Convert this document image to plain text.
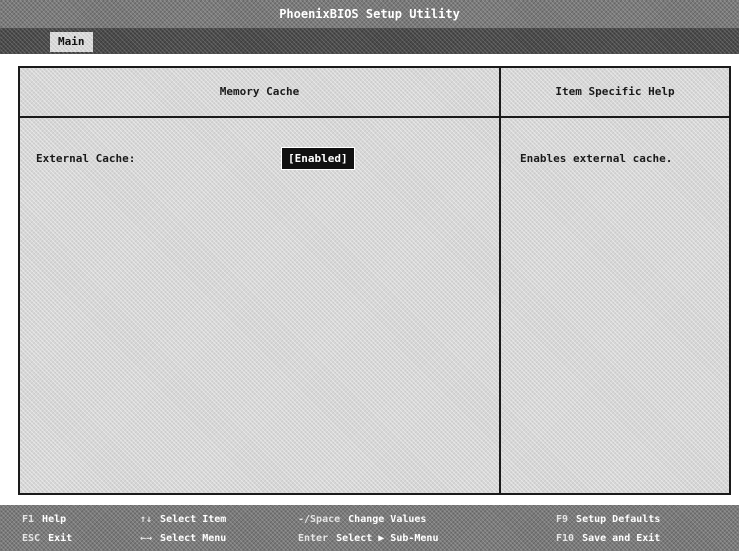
PhoenixBIOS Setup Utility
Main
Memory Cache	Item Specific Help
External Cache:	[Enabled]	Enables external cache.
F1 Help	↑↓ Select Item	-/Space Change Values	F9 Setup Defaults
ESC Exit	←→ Select Menu	Enter Select ▶ Sub-Menu	F10 Save and Exit
